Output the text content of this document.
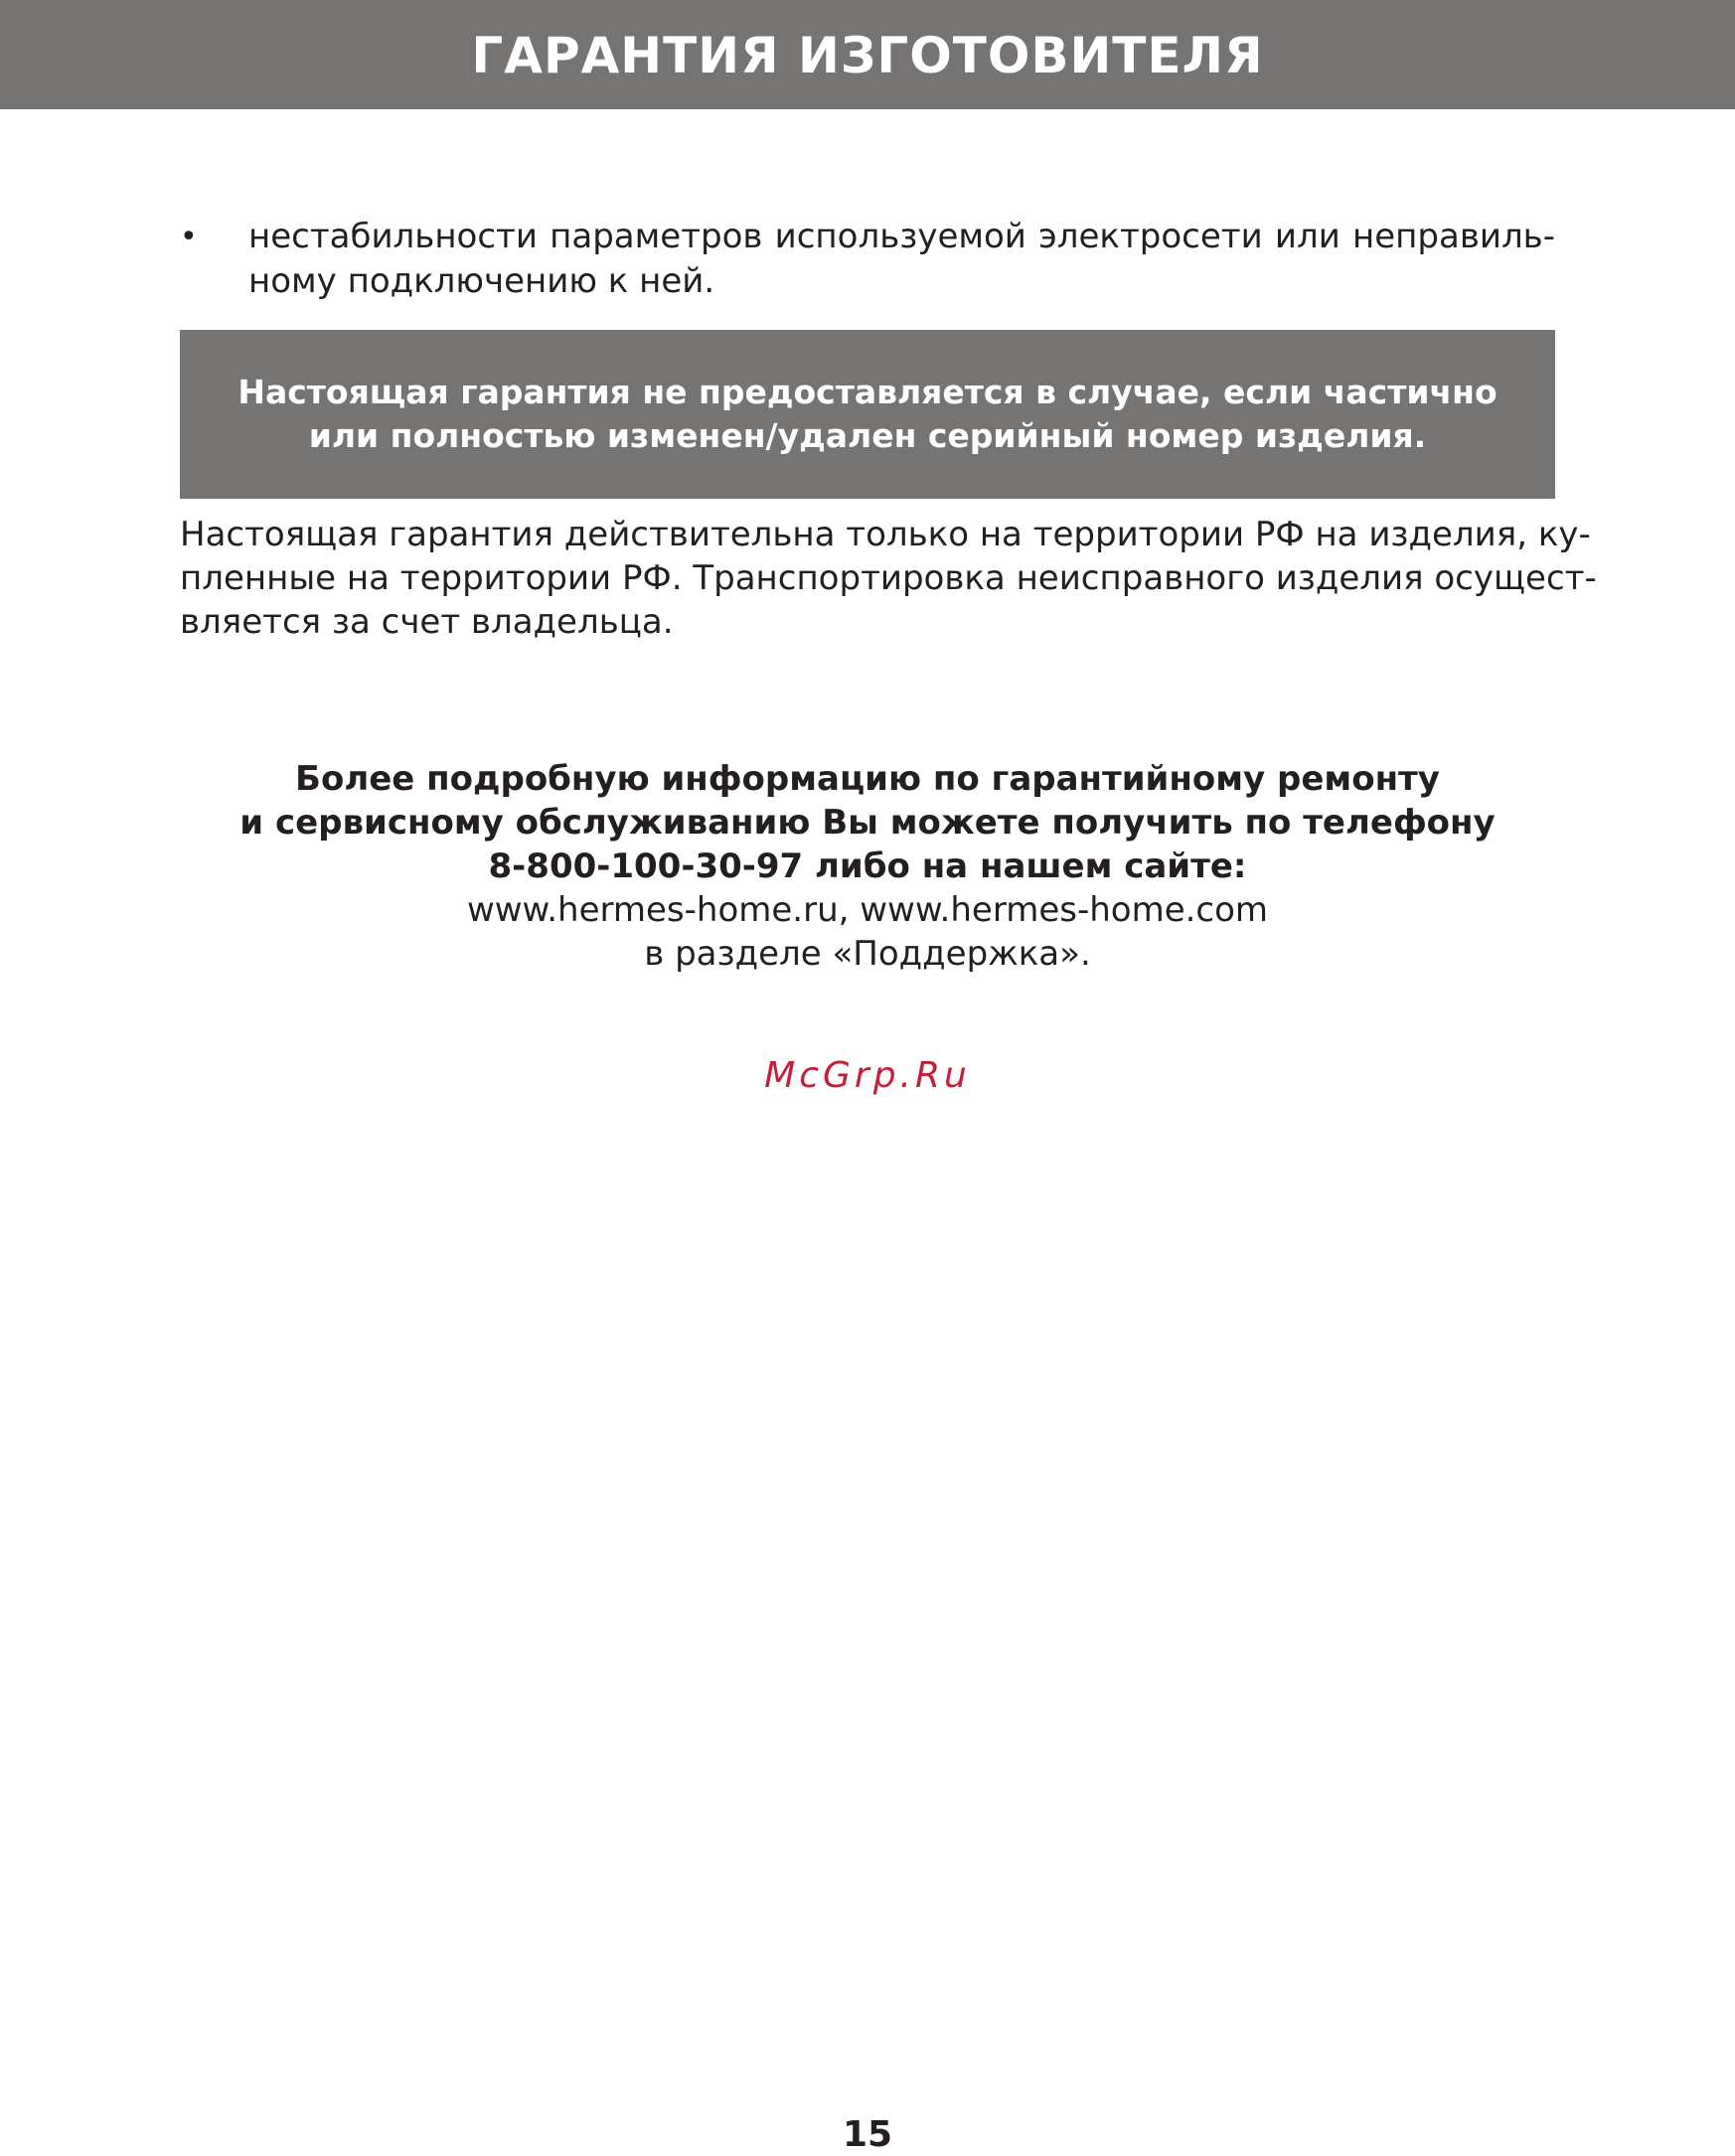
ГАРАНТИЯ ИЗГОТОВИТЕЛЯ
•	нестабильности параметров используемой электросети или неправиль-ному подключению к ней.
Настоящая гарантия не предоставляется в случае, если частично
или полностью изменен/удален серийный номер изделия.
Настоящая гарантия действительна только на территории РФ на изделия, ку-
пленные на территории РФ. Транспортировка неисправного изделия осущест-
вляется за счет владельца.
Более подробную информацию по гарантийному ремонту
и сервисному обслуживанию Вы можете получить по телефону
8-800-100-30-97 либо на нашем сайте:
www.hermes-home.ru, www.hermes-home.com
в разделе «Поддержка».
McGrp.Ru
15
